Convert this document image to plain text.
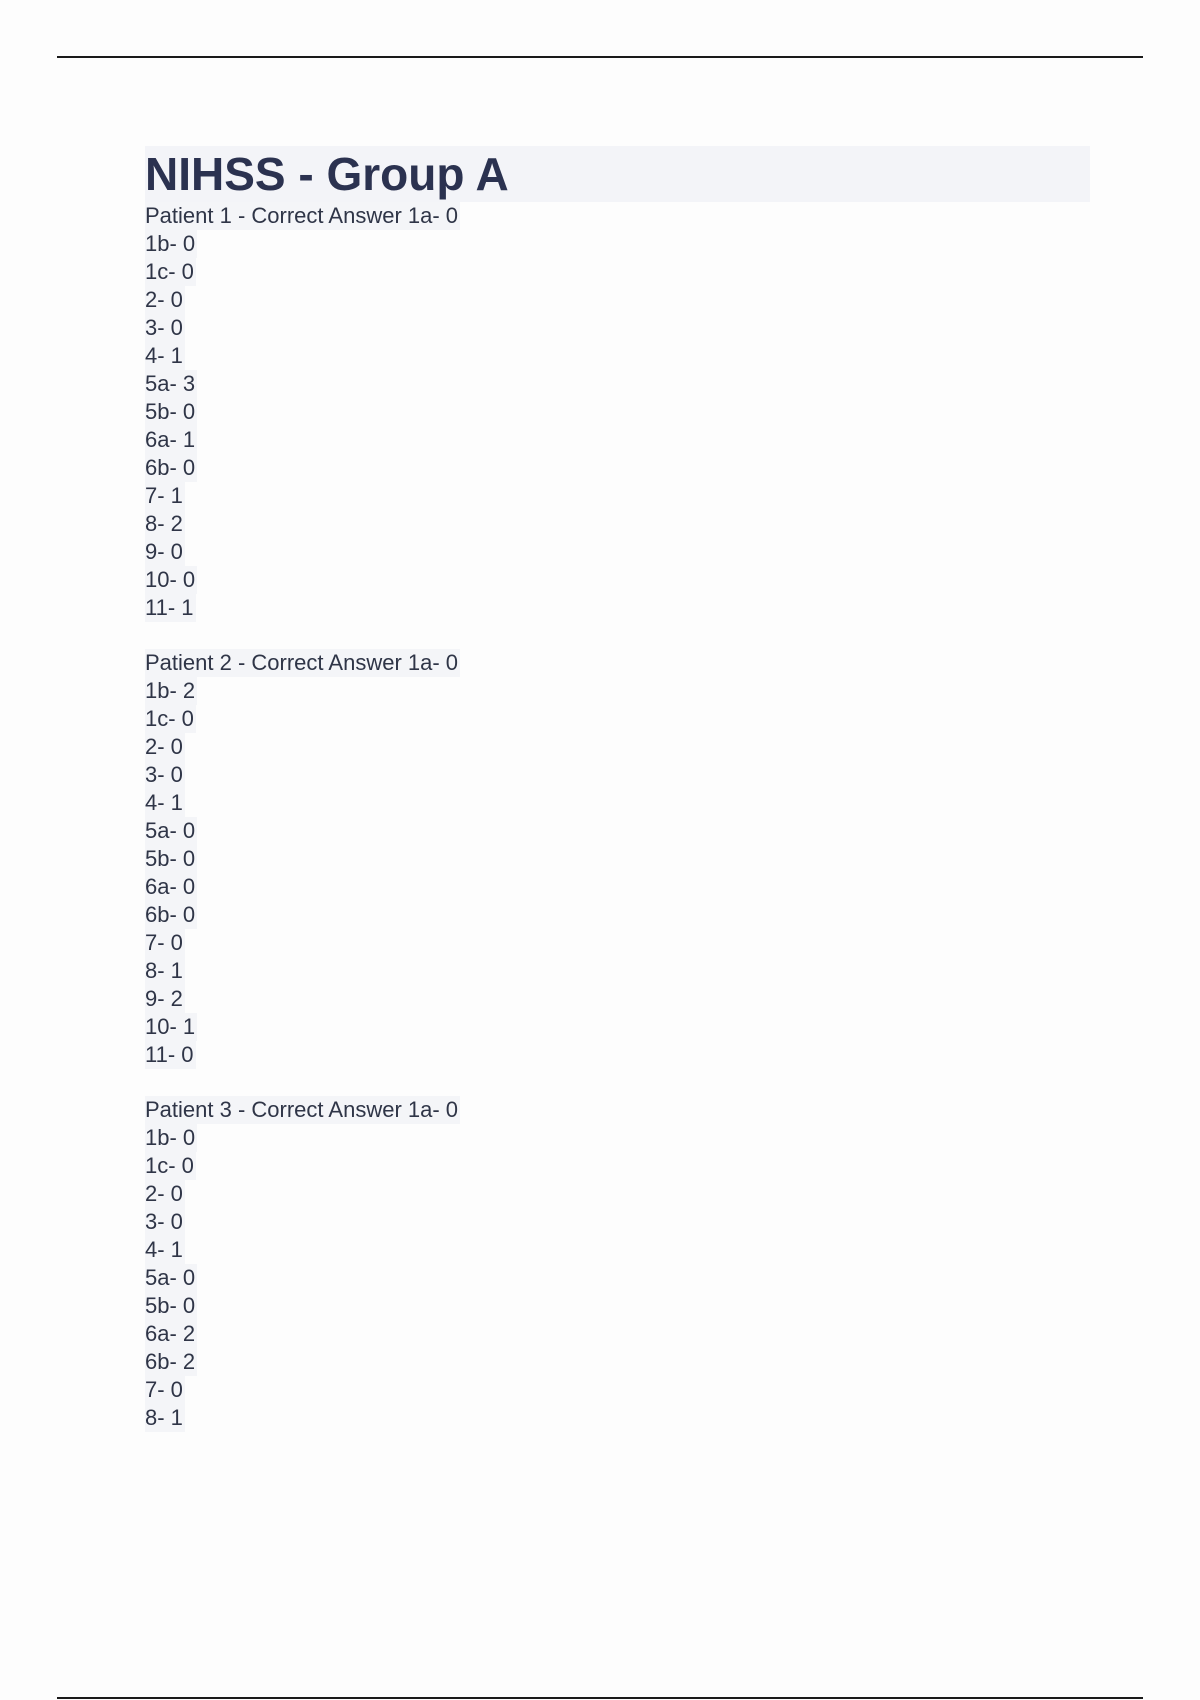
NIHSS - Group A
Patient 1 - Correct Answer 1a- 0
1b- 0
1c- 0
2- 0
3- 0
4- 1
5a- 3
5b- 0
6a- 1
6b- 0
7- 1
8- 2
9- 0
10- 0
11- 1
Patient 2 - Correct Answer 1a- 0
1b- 2
1c- 0
2- 0
3- 0
4- 1
5a- 0
5b- 0
6a- 0
6b- 0
7- 0
8- 1
9- 2
10- 1
11- 0
Patient 3 - Correct Answer 1a- 0
1b- 0
1c- 0
2- 0
3- 0
4- 1
5a- 0
5b- 0
6a- 2
6b- 2
7- 0
8- 1
